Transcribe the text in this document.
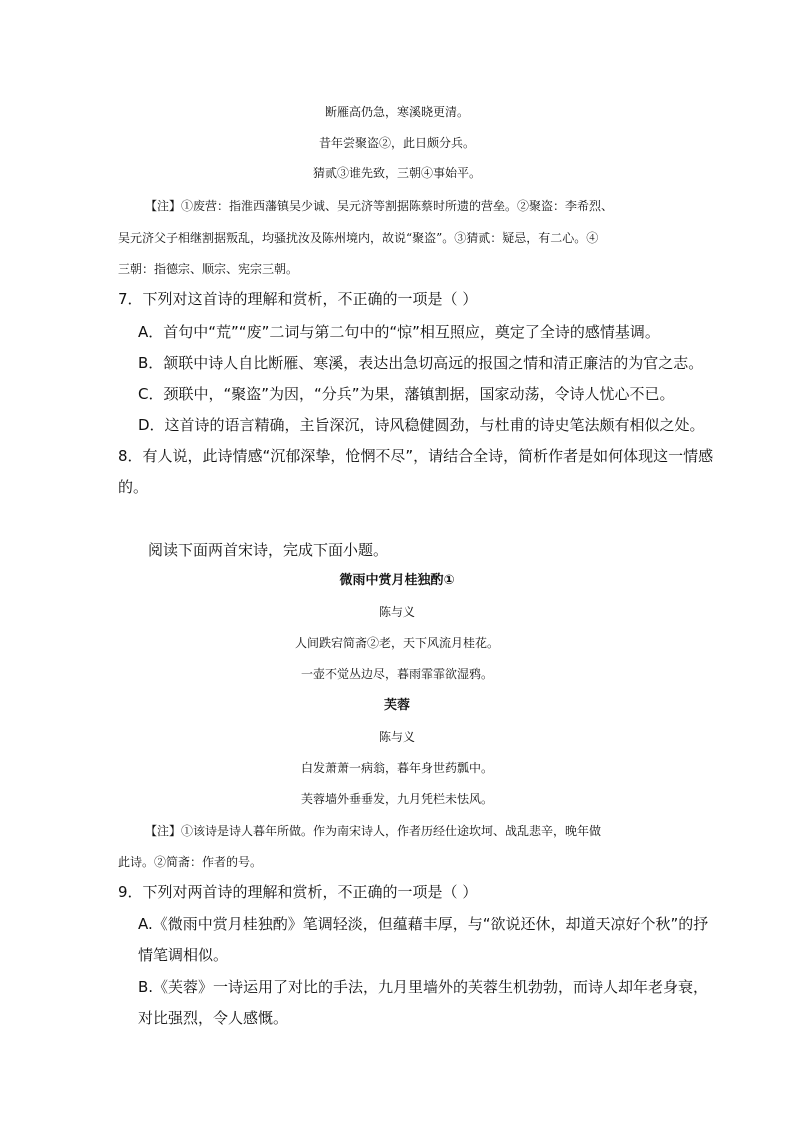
断雁高仍急，寒溪晓更清。
昔年尝聚盗②，此日颇分兵。
猜贰③谁先致，三朝④事始平。
【注】①废营：指淮西藩镇吴少诚、吴元济等割据陈蔡时所遗的营垒。②聚盗：李希烈、
吴元济父子相继割据叛乱，均骚扰汝及陈州境内，故说“聚盗”。③猜贰：疑忌，有二心。④
三朝：指德宗、顺宗、宪宗三朝。
7．下列对这首诗的理解和赏析，不正确的一项是（ ）
A．首句中“荒”“废”二词与第二句中的“惊”相互照应，奠定了全诗的感情基调。
B．颔联中诗人自比断雁、寒溪，表达出急切高远的报国之情和清正廉洁的为官之志。
C．颈联中，“聚盗”为因，“分兵”为果，藩镇割据，国家动荡，令诗人忧心不已。
D．这首诗的语言精确，主旨深沉，诗风稳健圆劲，与杜甫的诗史笔法颇有相似之处。
8．有人说，此诗情感“沉郁深挚，怆惘不尽”，请结合全诗，简析作者是如何体现这一情感
的。
阅读下面两首宋诗，完成下面小题。
微雨中赏月桂独酌①
陈与义
人间跌宕简斋②老，天下风流月桂花。
一壶不觉丛边尽，暮雨霏霏欲湿鸦。
芙蓉
陈与义
白发萧萧一病翁，暮年身世药瓢中。
芙蓉墙外垂垂发，九月凭栏未怯风。
【注】①该诗是诗人暮年所做。作为南宋诗人，作者历经仕途坎坷、战乱悲辛，晚年做
此诗。②简斋：作者的号。
9．下列对两首诗的理解和赏析，不正确的一项是（ ）
A.《微雨中赏月桂独酌》笔调轻淡，但蕴藉丰厚，与“欲说还休，却道天凉好个秋”的抒
情笔调相似。
B.《芙蓉》一诗运用了对比的手法，九月里墙外的芙蓉生机勃勃，而诗人却年老身衰，
对比强烈，令人感慨。
